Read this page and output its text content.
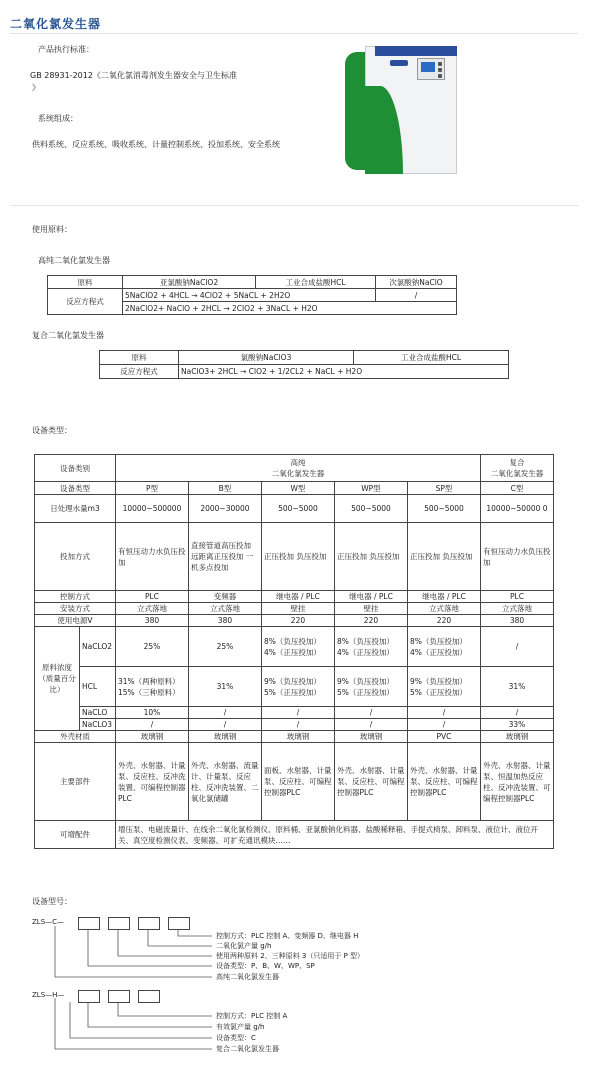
二氧化氯发生器
产品执行标准：
GB 28931-2012《二氧化氯消毒剂发生器安全与卫生标准
》
系统组成：
供料系统、反应系统、吸收系统、计量控制系统、投加系统、安全系统
使用原料：
高纯二氧化氯发生器
原料	亚氯酸钠NaClO2	工业合成盐酸HCL	次氯酸钠NaClO
反应方程式	5NaClO2 + 4HCL → 4ClO2 + 5NaCL + 2H2O		/
	2NaClO2+ NaClO + 2HCL → 2ClO2 + 3NaCL + H2O		
复合二氧化氯发生器
原料	氯酸钠NaClO3	工业合成盐酸HCL
反应方程式	NaClO3+ 2HCL → ClO2 + 1/2CL2 + NaCL + H2O	
设备类型：
设备类别		高纯
二氧化氯发生器					复合
二氧化氯发生器
设备类型		P型	B型	W型	WP型	SP型	C型
日处理水量m3		10000~500000	2000~30000	500~5000	500~5000	500~5000	10000~50000 0
投加方式		有恒压动力水负压投加	直接管道高压投加 远距离正压投加 一机多点投加	正压投加 负压投加	正压投加 负压投加	正压投加 负压投加	有恒压动力水负压投加
控制方式		PLC	变频器	继电器 / PLC	继电器 / PLC	继电器 / PLC	PLC
安装方式		立式落地	立式落地	壁挂	壁挂	立式落地	立式落地
使用电源V		380	380	220	220	220	380

原料浓度（质量百分比）	NaCLO2	25%	25%	8%（负压投加）4%（正压投加）	8%（负压投加）4%（正压投加）	8%（负压投加）4%（正压投加）	/
	HCL	31%（两种原料） 15%（三种原料）	31%	9%（负压投加）5%（正压投加）	9%（负压投加）5%（正压投加）	9%（负压投加）5%（正压投加）	31%
	NaCLO	10%	/	/	/	/	/
	NaCLO3	/	/	/	/	/	33%
外壳材质		玻璃钢	玻璃钢	玻璃钢	玻璃钢	PVC	玻璃钢
主要部件		外壳、水射器、计量泵、反应柱、反冲洗装置、可编程控制器PLC	外壳、水射器、流量计、计量泵、反应柱、反冲洗装置、二氧化氯储罐	面板、水射器、计量泵、反应柱、可编程控制器PLC	外壳、水射器、计量泵、反应柱、可编程控制器PLC	外壳、水射器、计量泵、反应柱、可编程控制器PLC	外壳、水射器、计量泵、恒温加热反应柱、反冲洗装置、可编程控制器PLC
可增配件		增压泵、电磁流量计、在线余二氧化氯检测仪、原料桶、亚氯酸钠化料器、盐酸稀释箱、手提式椅泵、卸料泵、液位计、液位开关、真空度检测仪表、变频器、可扩充通讯模块……					
设备型号：
ZLS—C—
控制方式：PLC 控制 A、变频器 D、继电器 H
二氧化氯产量 g/h
使用两种原料 2、三种原料 3（只适用于 P 型）
设备类型：P、B、W、WP、SP
高纯二氧化氯发生器
ZLS—H—
控制方式：PLC 控制 A
有效氯产量 g/h
设备类型：C
复合二氧化氯发生器
